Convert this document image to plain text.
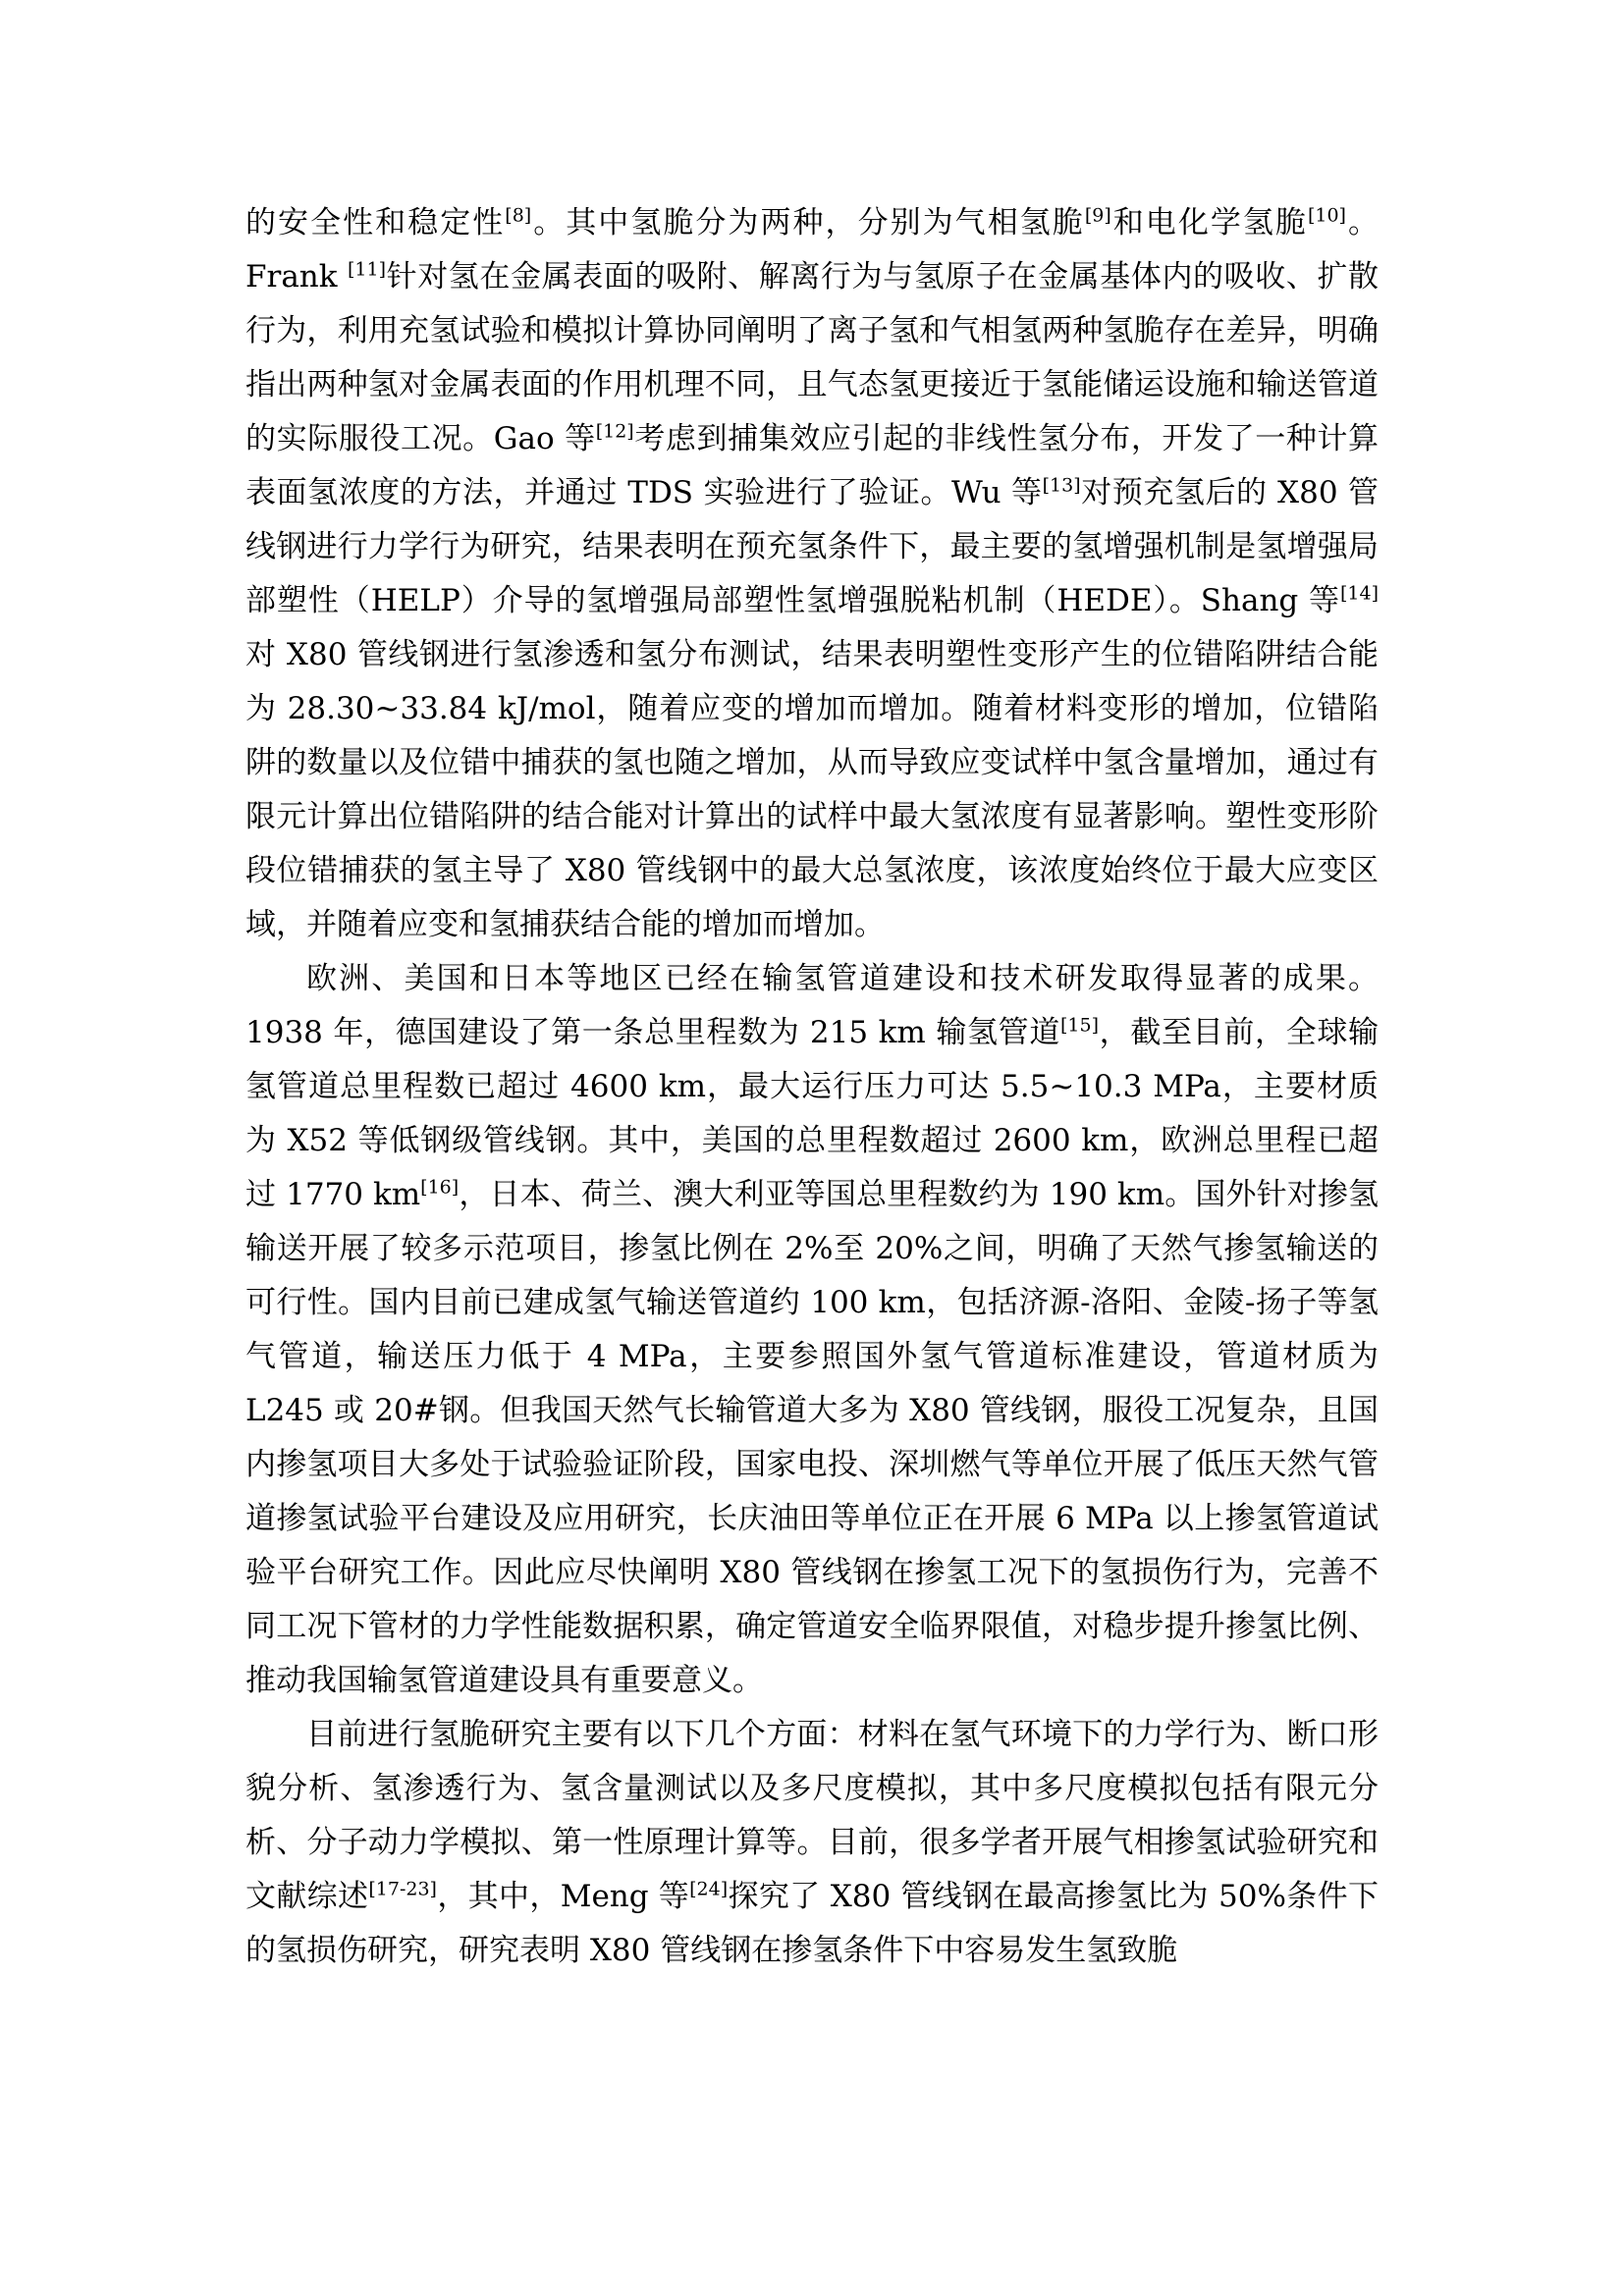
的安全性和稳定性[8]。其中氢脆分为两种，分别为气相氢脆[9]和电化学氢脆[10]。Frank [11]针对氢在金属表面的吸附、解离行为与氢原子在金属基体内的吸收、扩散行为，利用充氢试验和模拟计算协同阐明了离子氢和气相氢两种氢脆存在差异，明确指出两种氢对金属表面的作用机理不同，且气态氢更接近于氢能储运设施和输送管道的实际服役工况。Gao 等[12]考虑到捕集效应引起的非线性氢分布，开发了一种计算表面氢浓度的方法，并通过 TDS 实验进行了验证。Wu 等[13]对预充氢后的 X80 管线钢进行力学行为研究，结果表明在预充氢条件下，最主要的氢增强机制是氢增强局部塑性（HELP）介导的氢增强局部塑性氢增强脱粘机制（HEDE）。Shang 等[14]对 X80 管线钢进行氢渗透和氢分布测试，结果表明塑性变形产生的位错陷阱结合能为 28.30~33.84 kJ/mol，随着应变的增加而增加。随着材料变形的增加，位错陷阱的数量以及位错中捕获的氢也随之增加，从而导致应变试样中氢含量增加，通过有限元计算出位错陷阱的结合能对计算出的试样中最大氢浓度有显著影响。塑性变形阶段位错捕获的氢主导了 X80 管线钢中的最大总氢浓度，该浓度始终位于最大应变区域，并随着应变和氢捕获结合能的增加而增加。

欧洲、美国和日本等地区已经在输氢管道建设和技术研发取得显著的成果。1938 年，德国建设了第一条总里程数为 215 km 输氢管道[15]，截至目前，全球输氢管道总里程数已超过 4600 km，最大运行压力可达 5.5~10.3 MPa，主要材质为 X52 等低钢级管线钢。其中，美国的总里程数超过 2600 km，欧洲总里程已超过 1770 km[16]，日本、荷兰、澳大利亚等国总里程数约为 190 km。国外针对掺氢输送开展了较多示范项目，掺氢比例在 2%至 20%之间，明确了天然气掺氢输送的可行性。国内目前已建成氢气输送管道约 100 km，包括济源-洛阳、金陵-扬子等氢气管道，输送压力低于 4 MPa，主要参照国外氢气管道标准建设，管道材质为 L245 或 20#钢。但我国天然气长输管道大多为 X80 管线钢，服役工况复杂，且国内掺氢项目大多处于试验验证阶段，国家电投、深圳燃气等单位开展了低压天然气管道掺氢试验平台建设及应用研究，长庆油田等单位正在开展 6 MPa 以上掺氢管道试验平台研究工作。因此应尽快阐明 X80 管线钢在掺氢工况下的氢损伤行为，完善不同工况下管材的力学性能数据积累，确定管道安全临界限值，对稳步提升掺氢比例、推动我国输氢管道建设具有重要意义。

目前进行氢脆研究主要有以下几个方面：材料在氢气环境下的力学行为、断口形貌分析、氢渗透行为、氢含量测试以及多尺度模拟，其中多尺度模拟包括有限元分析、分子动力学模拟、第一性原理计算等。目前，很多学者开展气相掺氢试验研究和文献综述[17-23]，其中，Meng 等[24]探究了 X80 管线钢在最高掺氢比为 50%条件下的氢损伤研究，研究表明 X80 管线钢在掺氢条件下中容易发生氢致脆
